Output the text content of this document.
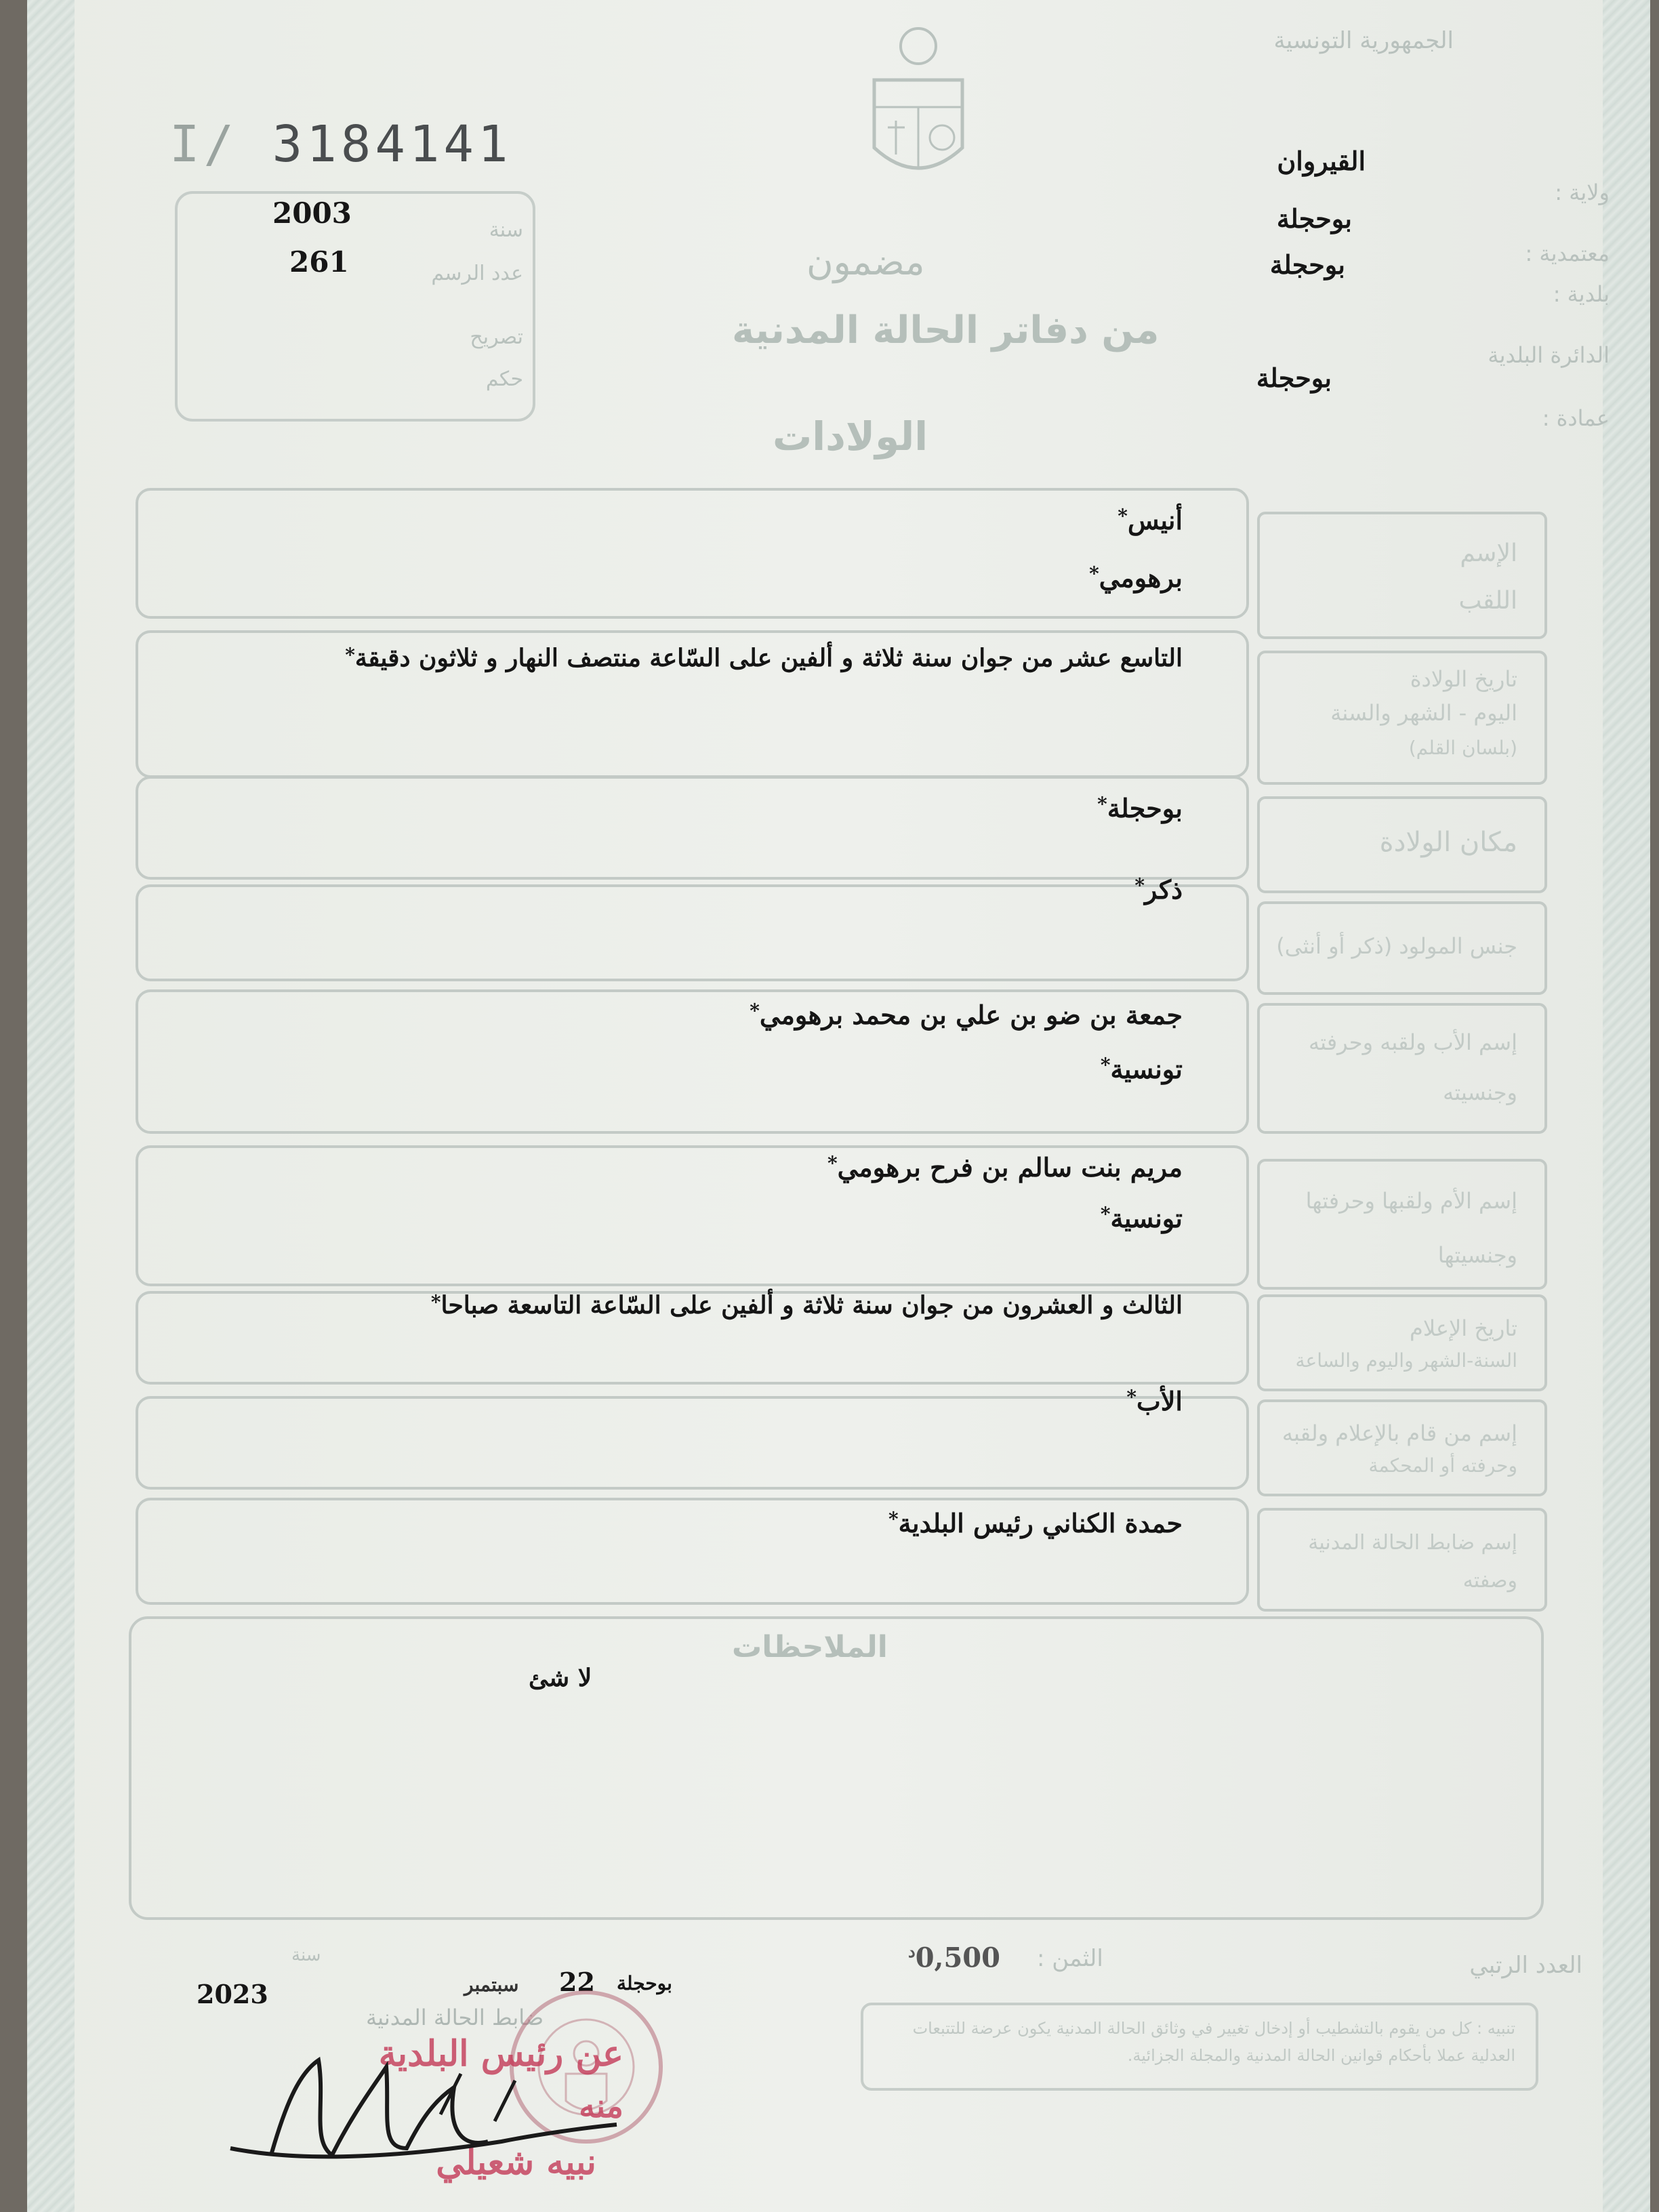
I/ 3184141
الجمهورية التونسية
مضمون
من دفاتر الحالة المدنية
الولادات
سنة
عدد الرسم
تصريح
حكم
2003
261
ولاية :
معتمدية :
بلدية :
الدائرة البلدية
عمادة :
القيروان
بوحجلة
بوحجلة
بوحجلة
الإسم
اللقب
أنيس*
برهومي*
تاريخ الولادة
اليوم - الشهر والسنة
(بلسان القلم)
التاسع عشر من جوان سنة ثلاثة و ألفين على السّاعة منتصف النهار و ثلاثون دقيقة*
مكان الولادة
بوحجلة*
جنس المولود (ذكر أو أنثى)
ذكر*
إسم الأب ولقبه وحرفته
وجنسيته
جمعة بن ضو بن علي بن محمد برهومي*
تونسية*
إسم الأم ولقبها وحرفتها
وجنسيتها
مريم بنت سالم بن فرح برهومي*
تونسية*
تاريخ الإعلام
السنة-الشهر واليوم والساعة
الثالث و العشرون من جوان سنة ثلاثة و ألفين على السّاعة التاسعة صباحا*
إسم من قام بالإعلام ولقبه
وحرفته أو المحكمة
الأب*
إسم ضابط الحالة المدنية
وصفته
حمدة الكناني رئيس البلدية*
الملاحظات
لا شئ
العدد الرتبي
الثمن :
$0,500^د$
بوحجلة
22
سبتمبر
سنة
2023
ضابط الحالة المدنية
عن رئيس البلدية
منه
نبيه شعيلي
تنبيه : كل من يقوم بالتشطيب أو إدخال تغيير في وثائق الحالة المدنية يكون عرضة للتتبعات العدلية عملا بأحكام قوانين الحالة المدنية والمجلة الجزائية.
